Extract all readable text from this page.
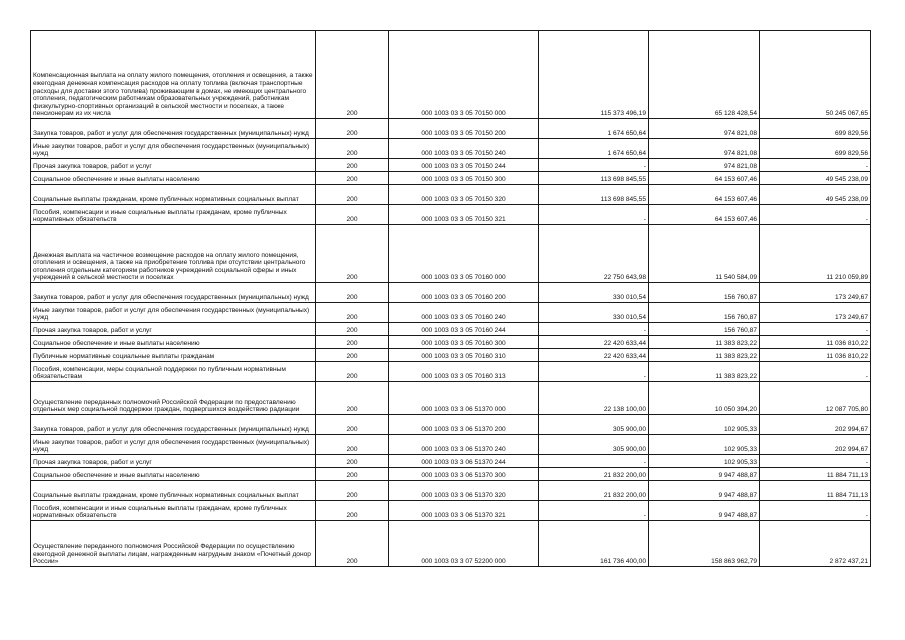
Компенсационная выплата на оплату жилого помещения, отопления и освещения, а также ежегодная денежная компенсация расходов на оплату топлива (включая транспортные расходы для доставки этого топлива) проживающим в домах, не имеющих центрального отопления, педагогическим работникам образовательных учреждений, работникам физкультурно-спортивных организаций в сельской местности и поселках, а также пенсионерам из их числа	200	000 1003 03 3 05 70150 000	115 373 496,19	65 128 428,54	50 245 067,65
Закупка товаров, работ и услуг для обеспечения государственных (муниципальных) нужд	200	000 1003 03 3 05 70150 200	1 674 650,64	974 821,08	699 829,56
Иные закупки товаров, работ и услуг для обеспечения государственных (муниципальных) нужд	200	000 1003 03 3 05 70150 240	1 674 650,64	974 821,08	699 829,56
Прочая закупка товаров, работ и услуг	200	000 1003 03 3 05 70150 244	-	974 821,08	-
Социальное обеспечение и иные выплаты населению	200	000 1003 03 3 05 70150 300	113 698 845,55	64 153 607,46	49 545 238,09
Социальные выплаты гражданам, кроме публичных нормативных социальных выплат	200	000 1003 03 3 05 70150 320	113 698 845,55	64 153 607,46	49 545 238,09
Пособия, компенсации и иные социальные выплаты гражданам, кроме публичных нормативных обязательств	200	000 1003 03 3 05 70150 321	-	64 153 607,46	-
Денежная выплата на частичное возмещение расходов на оплату жилого помещения, отопления и освещения, а также на приобретение топлива при отсутствии центрального отопления отдельным категориям работников учреждений социальной сферы и иных учреждений в сельской местности и поселках	200	000 1003 03 3 05 70160 000	22 750 643,98	11 540 584,09	11 210 059,89
Закупка товаров, работ и услуг для обеспечения государственных (муниципальных) нужд	200	000 1003 03 3 05 70160 200	330 010,54	156 760,87	173 249,67
Иные закупки товаров, работ и услуг для обеспечения государственных (муниципальных) нужд	200	000 1003 03 3 05 70160 240	330 010,54	156 760,87	173 249,67
Прочая закупка товаров, работ и услуг	200	000 1003 03 3 05 70160 244	-	156 760,87	-
Социальное обеспечение и иные выплаты населению	200	000 1003 03 3 05 70160 300	22 420 633,44	11 383 823,22	11 036 810,22
Публичные нормативные социальные выплаты гражданам	200	000 1003 03 3 05 70160 310	22 420 633,44	11 383 823,22	11 036 810,22
Пособия, компенсации, меры социальной поддержки по публичным нормативным обязательствам	200	000 1003 03 3 05 70160 313	-	11 383 823,22	-
Осуществление переданных полномочий Российской Федерации по предоставлению отдельных мер социальной поддержки граждан, подвергшихся воздействию радиации	200	000 1003 03 3 06 51370 000	22 138 100,00	10 050 394,20	12 087 705,80
Закупка товаров, работ и услуг для обеспечения государственных (муниципальных) нужд	200	000 1003 03 3 06 51370 200	305 900,00	102 905,33	202 994,67
Иные закупки товаров, работ и услуг для обеспечения государственных (муниципальных) нужд	200	000 1003 03 3 06 51370 240	305 900,00	102 905,33	202 994,67
Прочая закупка товаров, работ и услуг	200	000 1003 03 3 06 51370 244	-	102 905,33	-
Социальное обеспечение и иные выплаты населению	200	000 1003 03 3 06 51370 300	21 832 200,00	9 947 488,87	11 884 711,13
Социальные выплаты гражданам, кроме публичных нормативных социальных выплат	200	000 1003 03 3 06 51370 320	21 832 200,00	9 947 488,87	11 884 711,13
Пособия, компенсации и иные социальные выплаты гражданам, кроме публичных нормативных обязательств	200	000 1003 03 3 06 51370 321	-	9 947 488,87	-
Осуществление переданного полномочия Российской Федерации по осуществлению ежегодной денежной выплаты лицам, награжденным нагрудным знаком «Почетный донор России»	200	000 1003 03 3 07 52200 000	161 736 400,00	158 863 962,79	2 872 437,21
